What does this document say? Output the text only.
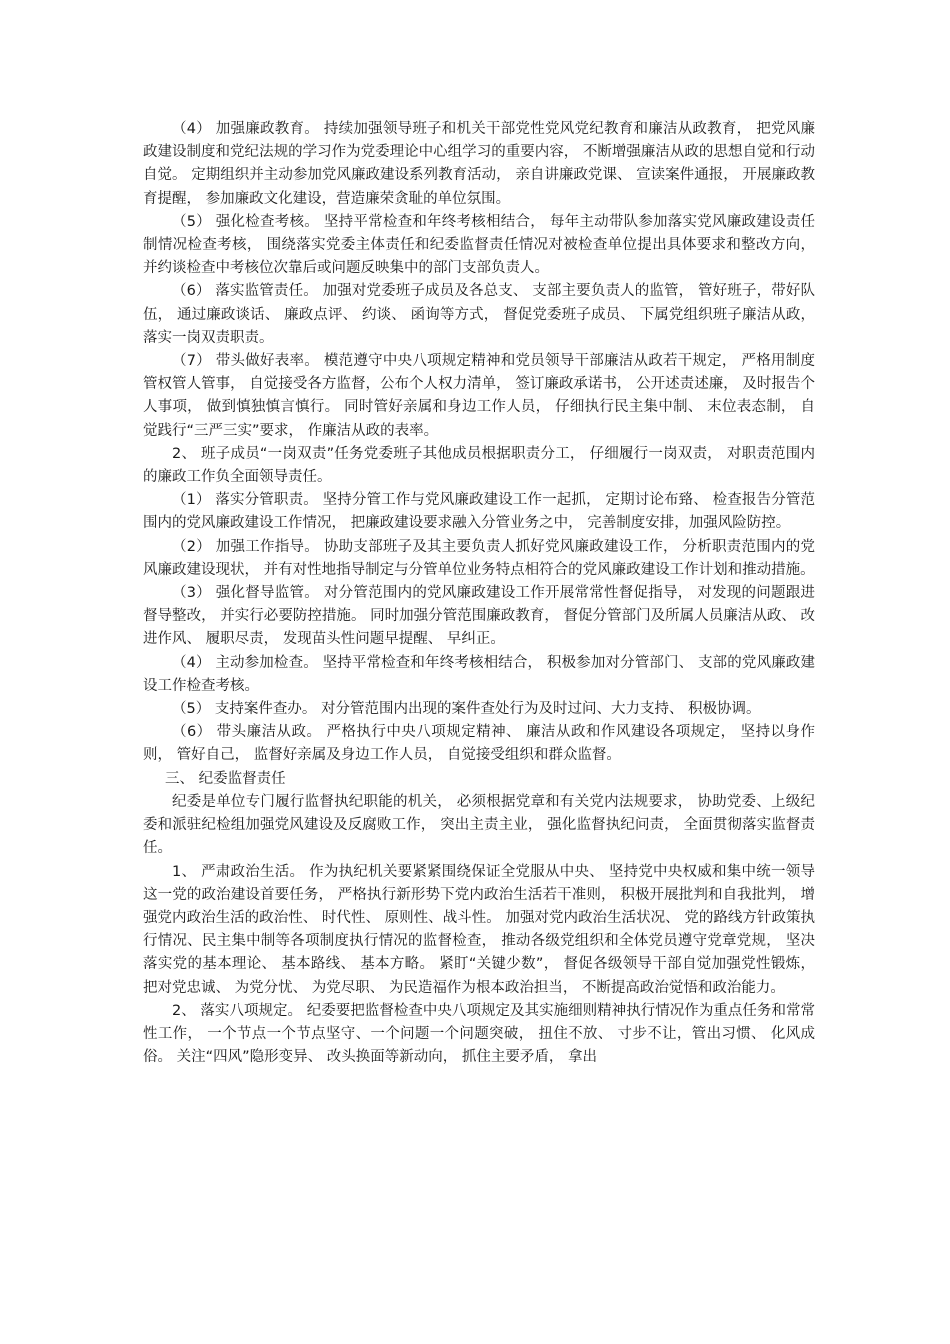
（4） 加强廉政教育。 持续加强领导班子和机关干部党性党风党纪教育和廉洁从政教育， 把党风廉政建设制度和党纪法规的学习作为党委理论中心组学习的重要内容， 不断增强廉洁从政的思想自觉和行动自觉。 定期组织并主动参加党风廉政建设系列教育活动， 亲自讲廉政党课、 宣读案件通报， 开展廉政教育提醒， 参加廉政文化建设，营造廉荣贪耻的单位氛围。

（5） 强化检查考核。 坚持平常检查和年终考核相结合， 每年主动带队参加落实党风廉政建设责任制情况检查考核， 围绕落实党委主体责任和纪委监督责任情况对被检查单位提出具体要求和整改方向， 并约谈检查中考核位次靠后或问题反映集中的部门支部负责人。

（6） 落实监管责任。 加强对党委班子成员及各总支、 支部主要负责人的监管， 管好班子，带好队伍， 通过廉政谈话、 廉政点评、 约谈、 函询等方式， 督促党委班子成员、 下属党组织班子廉洁从政，落实一岗双责职责。

（7） 带头做好表率。 模范遵守中央八项规定精神和党员领导干部廉洁从政若干规定， 严格用制度管权管人管事， 自觉接受各方监督，公布个人权力清单， 签订廉政承诺书， 公开述责述廉， 及时报告个人事项， 做到慎独慎言慎行。 同时管好亲属和身边工作人员， 仔细执行民主集中制、 末位表态制， 自觉践行“三严三实”要求， 作廉洁从政的表率。

2、 班子成员“一岗双责”任务党委班子其他成员根据职责分工， 仔细履行一岗双责， 对职责范围内的廉政工作负全面领导责任。

（1） 落实分管职责。 坚持分管工作与党风廉政建设工作一起抓， 定期讨论布臵、 检查报告分管范围内的党风廉政建设工作情况， 把廉政建设要求融入分管业务之中， 完善制度安排，加强风险防控。

（2） 加强工作指导。 协助支部班子及其主要负责人抓好党风廉政建设工作， 分析职责范围内的党风廉政建设现状， 并有对性地指导制定与分管单位业务特点相符合的党风廉政建设工作计划和推动措施。

（3） 强化督导监管。 对分管范围内的党风廉政建设工作开展常常性督促指导， 对发现的问题跟进督导整改， 并实行必要防控措施。 同时加强分管范围廉政教育， 督促分管部门及所属人员廉洁从政、 改进作风、 履职尽责， 发现苗头性问题早提醒、 早纠正。

（4） 主动参加检查。 坚持平常检查和年终考核相结合， 积极参加对分管部门、 支部的党风廉政建设工作检查考核。

（5） 支持案件查办。 对分管范围内出现的案件查处行为及时过问、大力支持、 积极协调。

（6） 带头廉洁从政。 严格执行中央八项规定精神、 廉洁从政和作风建设各项规定， 坚持以身作则， 管好自己， 监督好亲属及身边工作人员， 自觉接受组织和群众监督。

三、 纪委监督责任

纪委是单位专门履行监督执纪职能的机关， 必须根据党章和有关党内法规要求， 协助党委、上级纪委和派驻纪检组加强党风建设及反腐败工作， 突出主责主业， 强化监督执纪问责， 全面贯彻落实监督责任。

1、 严肃政治生活。 作为执纪机关要紧紧围绕保证全党服从中央、 坚持党中央权威和集中统一领导这一党的政治建设首要任务， 严格执行新形势下党内政治生活若干准则， 积极开展批判和自我批判， 增强党内政治生活的政治性、 时代性、 原则性、战斗性。 加强对党内政治生活状况、 党的路线方针政策执行情况、民主集中制等各项制度执行情况的监督检查， 推动各级党组织和全体党员遵守党章党规， 坚决落实党的基本理论、 基本路线、 基本方略。 紧盯“关键少数”， 督促各级领导干部自觉加强党性锻炼， 把对党忠诚、 为党分忧、 为党尽职、 为民造福作为根本政治担当， 不断提高政治觉悟和政治能力。

2、 落实八项规定。 纪委要把监督检查中央八项规定及其实施细则精神执行情况作为重点任务和常常性工作， 一个节点一个节点坚守、一个问题一个问题突破， 扭住不放、 寸步不让，管出习惯、 化风成俗。 关注“四风”隐形变异、 改头换面等新动向， 抓住主要矛盾， 拿出
